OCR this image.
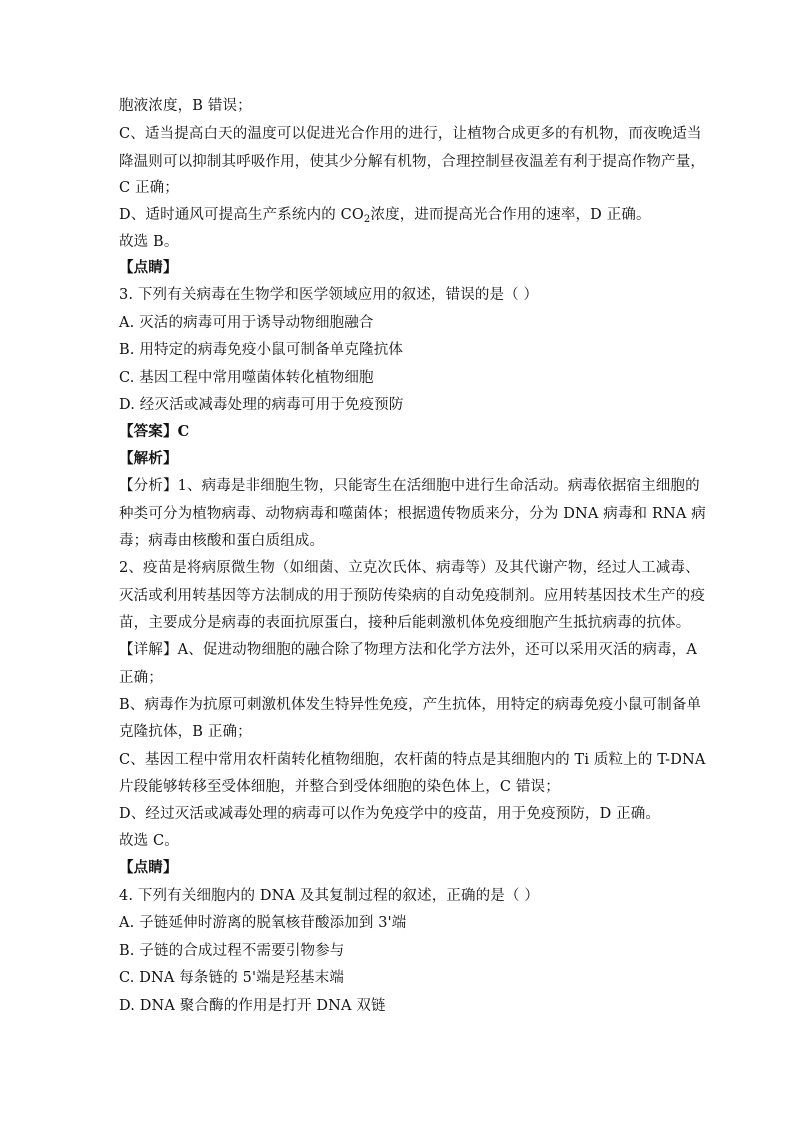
胞液浓度，B 错误；
C、适当提高白天的温度可以促进光合作用的进行，让植物合成更多的有机物，而夜晚适当
降温则可以抑制其呼吸作用，使其少分解有机物，合理控制昼夜温差有利于提高作物产量，
C 正确；
D、适时通风可提高生产系统内的 $CO_2$浓度，进而提高光合作用的速率，D 正确。
故选 B。
【点睛】
3. 下列有关病毒在生物学和医学领域应用的叙述，错误的是（ ）
A. 灭活的病毒可用于诱导动物细胞融合
B. 用特定的病毒免疫小鼠可制备单克隆抗体
C. 基因工程中常用噬菌体转化植物细胞
D. 经灭活或减毒处理的病毒可用于免疫预防
【答案】C
【解析】
【分析】1、病毒是非细胞生物，只能寄生在活细胞中进行生命活动。病毒依据宿主细胞的
种类可分为植物病毒、动物病毒和噬菌体；根据遗传物质来分，分为 DNA 病毒和 RNA 病
毒；病毒由核酸和蛋白质组成。
2、疫苗是将病原微生物（如细菌、立克次氏体、病毒等）及其代谢产物，经过人工减毒、
灭活或利用转基因等方法制成的用于预防传染病的自动免疫制剂。应用转基因技术生产的疫
苗，主要成分是病毒的表面抗原蛋白，接种后能刺激机体免疫细胞产生抵抗病毒的抗体。
【详解】A、促进动物细胞的融合除了物理方法和化学方法外，还可以采用灭活的病毒，A
正确；
B、病毒作为抗原可刺激机体发生特异性免疫，产生抗体，用特定的病毒免疫小鼠可制备单
克隆抗体，B 正确；
C、基因工程中常用农杆菌转化植物细胞，农杆菌的特点是其细胞内的 Ti 质粒上的 T-DNA
片段能够转移至受体细胞，并整合到受体细胞的染色体上，C 错误；
D、经过灭活或减毒处理的病毒可以作为免疫学中的疫苗，用于免疫预防，D 正确。
故选 C。
【点睛】
4. 下列有关细胞内的 DNA 及其复制过程的叙述，正确的是（ ）
A. 子链延伸时游离的脱氧核苷酸添加到 3'端
B. 子链的合成过程不需要引物参与
C. DNA 每条链的 5'端是羟基末端
D. DNA 聚合酶的作用是打开 DNA 双链
